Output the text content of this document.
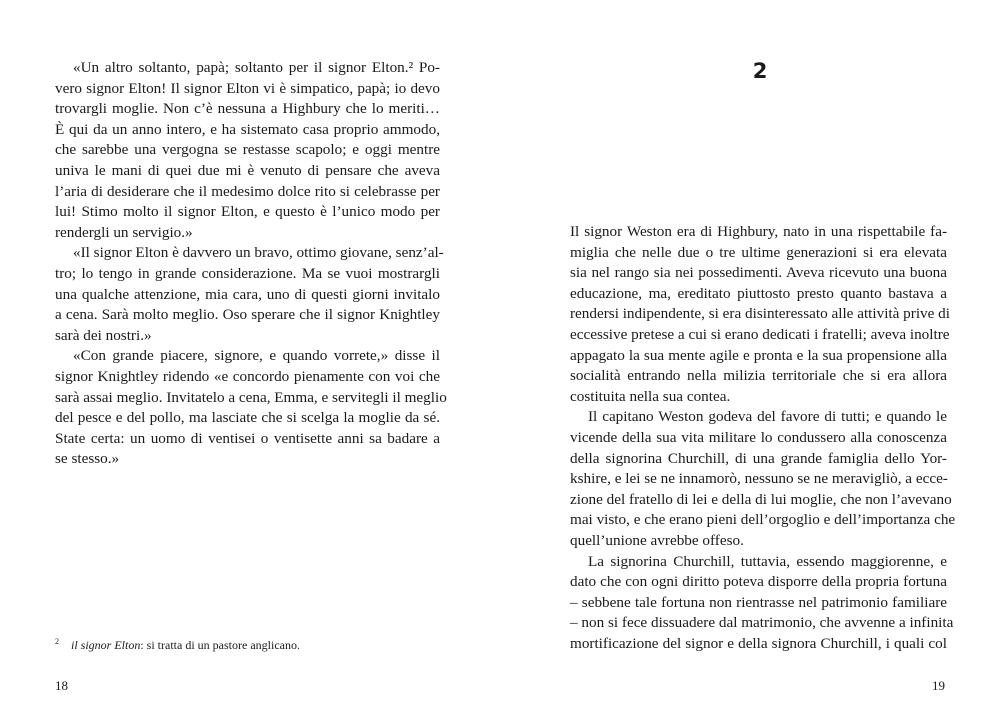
«Un altro soltanto, papà; soltanto per il signor Elton.² Po-
vero signor Elton! Il signor Elton vi è simpatico, papà; io devo
trovargli moglie. Non c’è nessuna a Highbury che lo meriti…
È qui da un anno intero, e ha sistemato casa proprio ammodo,
che sarebbe una vergogna se restasse scapolo; e oggi mentre
univa le mani di quei due mi è venuto di pensare che aveva
l’aria di desiderare che il medesimo dolce rito si celebrasse per
lui! Stimo molto il signor Elton, e questo è l’unico modo per
rendergli un servigio.»
«Il signor Elton è davvero un bravo, ottimo giovane, senz’al-
tro; lo tengo in grande considerazione. Ma se vuoi mostrargli
una qualche attenzione, mia cara, uno di questi giorni invitalo
a cena. Sarà molto meglio. Oso sperare che il signor Knightley
sarà dei nostri.»
«Con grande piacere, signore, e quando vorrete,» disse il
signor Knightley ridendo «e concordo pienamente con voi che
sarà assai meglio. Invitatelo a cena, Emma, e servitegli il meglio
del pesce e del pollo, ma lasciate che si scelga la moglie da sé.
State certa: un uomo di ventisei o ventisette anni sa badare a
se stesso.»
$^2$ il signor Elton: si tratta di un pastore anglicano.
18
2
Il signor Weston era di Highbury, nato in una rispettabile fa-
miglia che nelle due o tre ultime generazioni si era elevata
sia nel rango sia nei possedimenti. Aveva ricevuto una buona
educazione, ma, ereditato piuttosto presto quanto bastava a
rendersi indipendente, si era disinteressato alle attività prive di
eccessive pretese a cui si erano dedicati i fratelli; aveva inoltre
appagato la sua mente agile e pronta e la sua propensione alla
socialità entrando nella milizia territoriale che si era allora
costituita nella sua contea.
Il capitano Weston godeva del favore di tutti; e quando le
vicende della sua vita militare lo condussero alla conoscenza
della signorina Churchill, di una grande famiglia dello Yor-
kshire, e lei se ne innamorò, nessuno se ne meravigliò, a ecce-
zione del fratello di lei e della di lui moglie, che non l’avevano
mai visto, e che erano pieni dell’orgoglio e dell’importanza che
quell’unione avrebbe offeso.
La signorina Churchill, tuttavia, essendo maggiorenne, e
dato che con ogni diritto poteva disporre della propria fortuna
– sebbene tale fortuna non rientrasse nel patrimonio familiare
– non si fece dissuadere dal matrimonio, che avvenne a infinita
mortificazione del signor e della signora Churchill, i quali col
19
